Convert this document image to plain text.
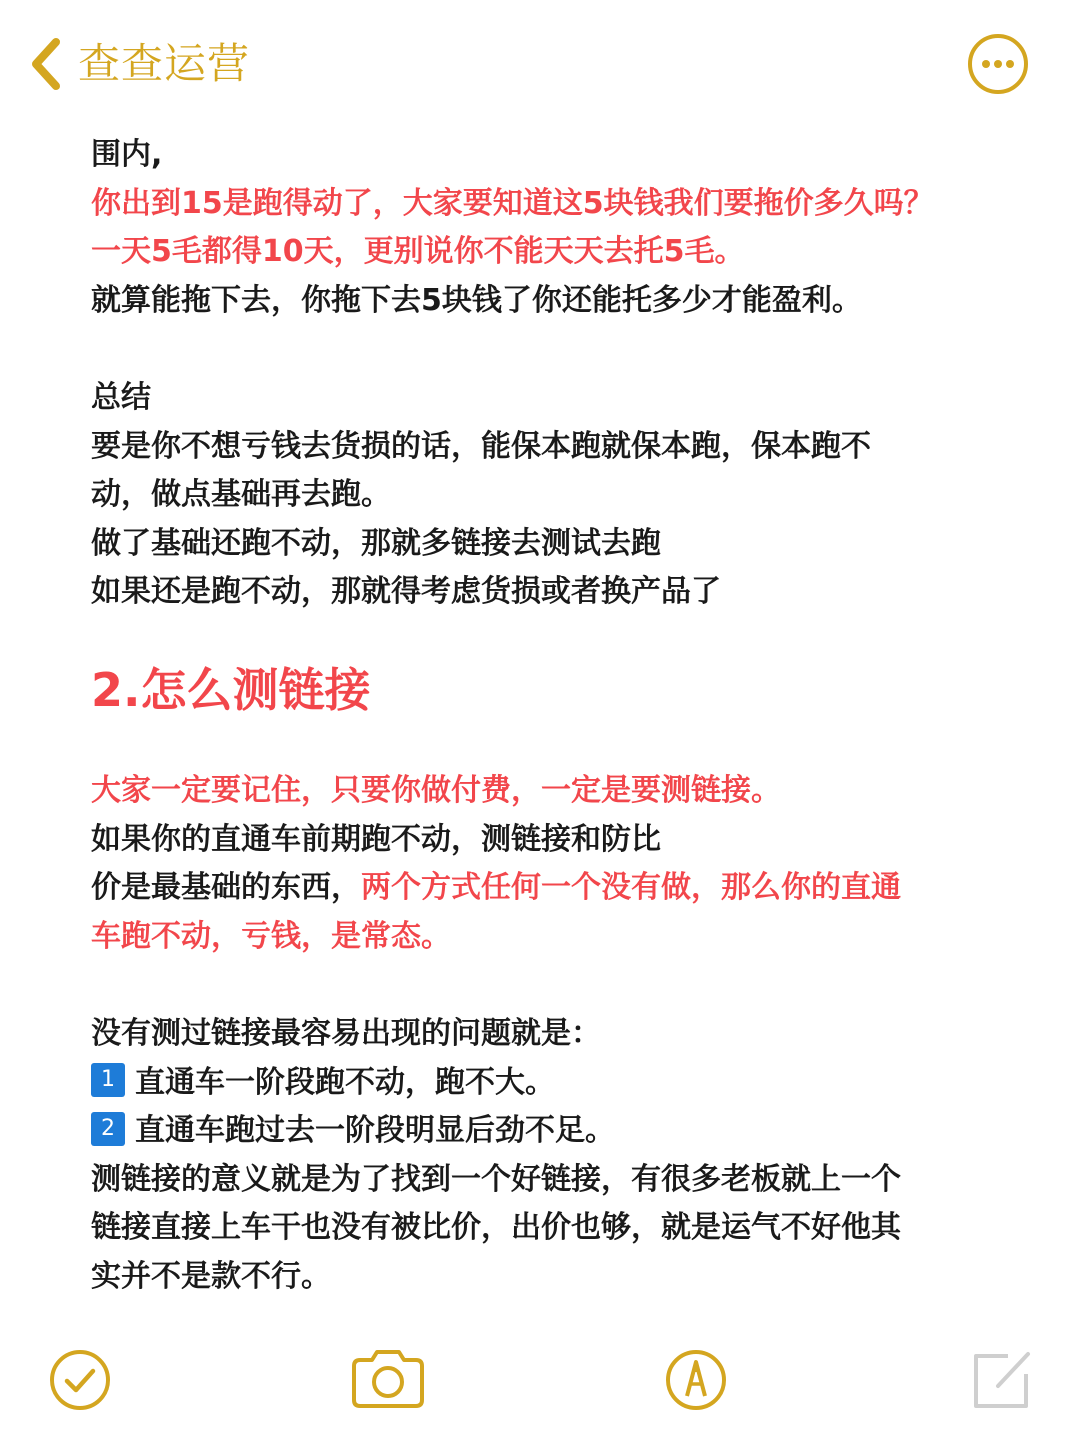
查查运营
围内,
你出到15是跑得动了，大家要知道这5块钱我们要拖价多久吗？
一天5毛都得10天，更别说你不能天天去托5毛。
就算能拖下去，你拖下去5块钱了你还能托多少才能盈利。
总结
要是你不想亏钱去货损的话，能保本跑就保本跑，保本跑不
动，做点基础再去跑。
做了基础还跑不动，那就多链接去测试去跑
如果还是跑不动，那就得考虑货损或者换产品了
2.怎么测链接
大家一定要记住，只要你做付费，一定是要测链接。
如果你的直通车前期跑不动，测链接和防比
价是最基础的东西，两个方式任何一个没有做，那么你的直通
车跑不动，亏钱，是常态。
没有测过链接最容易出现的问题就是：
1 直通车一阶段跑不动，跑不大。
2 直通车跑过去一阶段明显后劲不足。
测链接的意义就是为了找到一个好链接，有很多老板就上一个
链接直接上车干也没有被比价，出价也够，就是运气不好他其
实并不是款不行。
